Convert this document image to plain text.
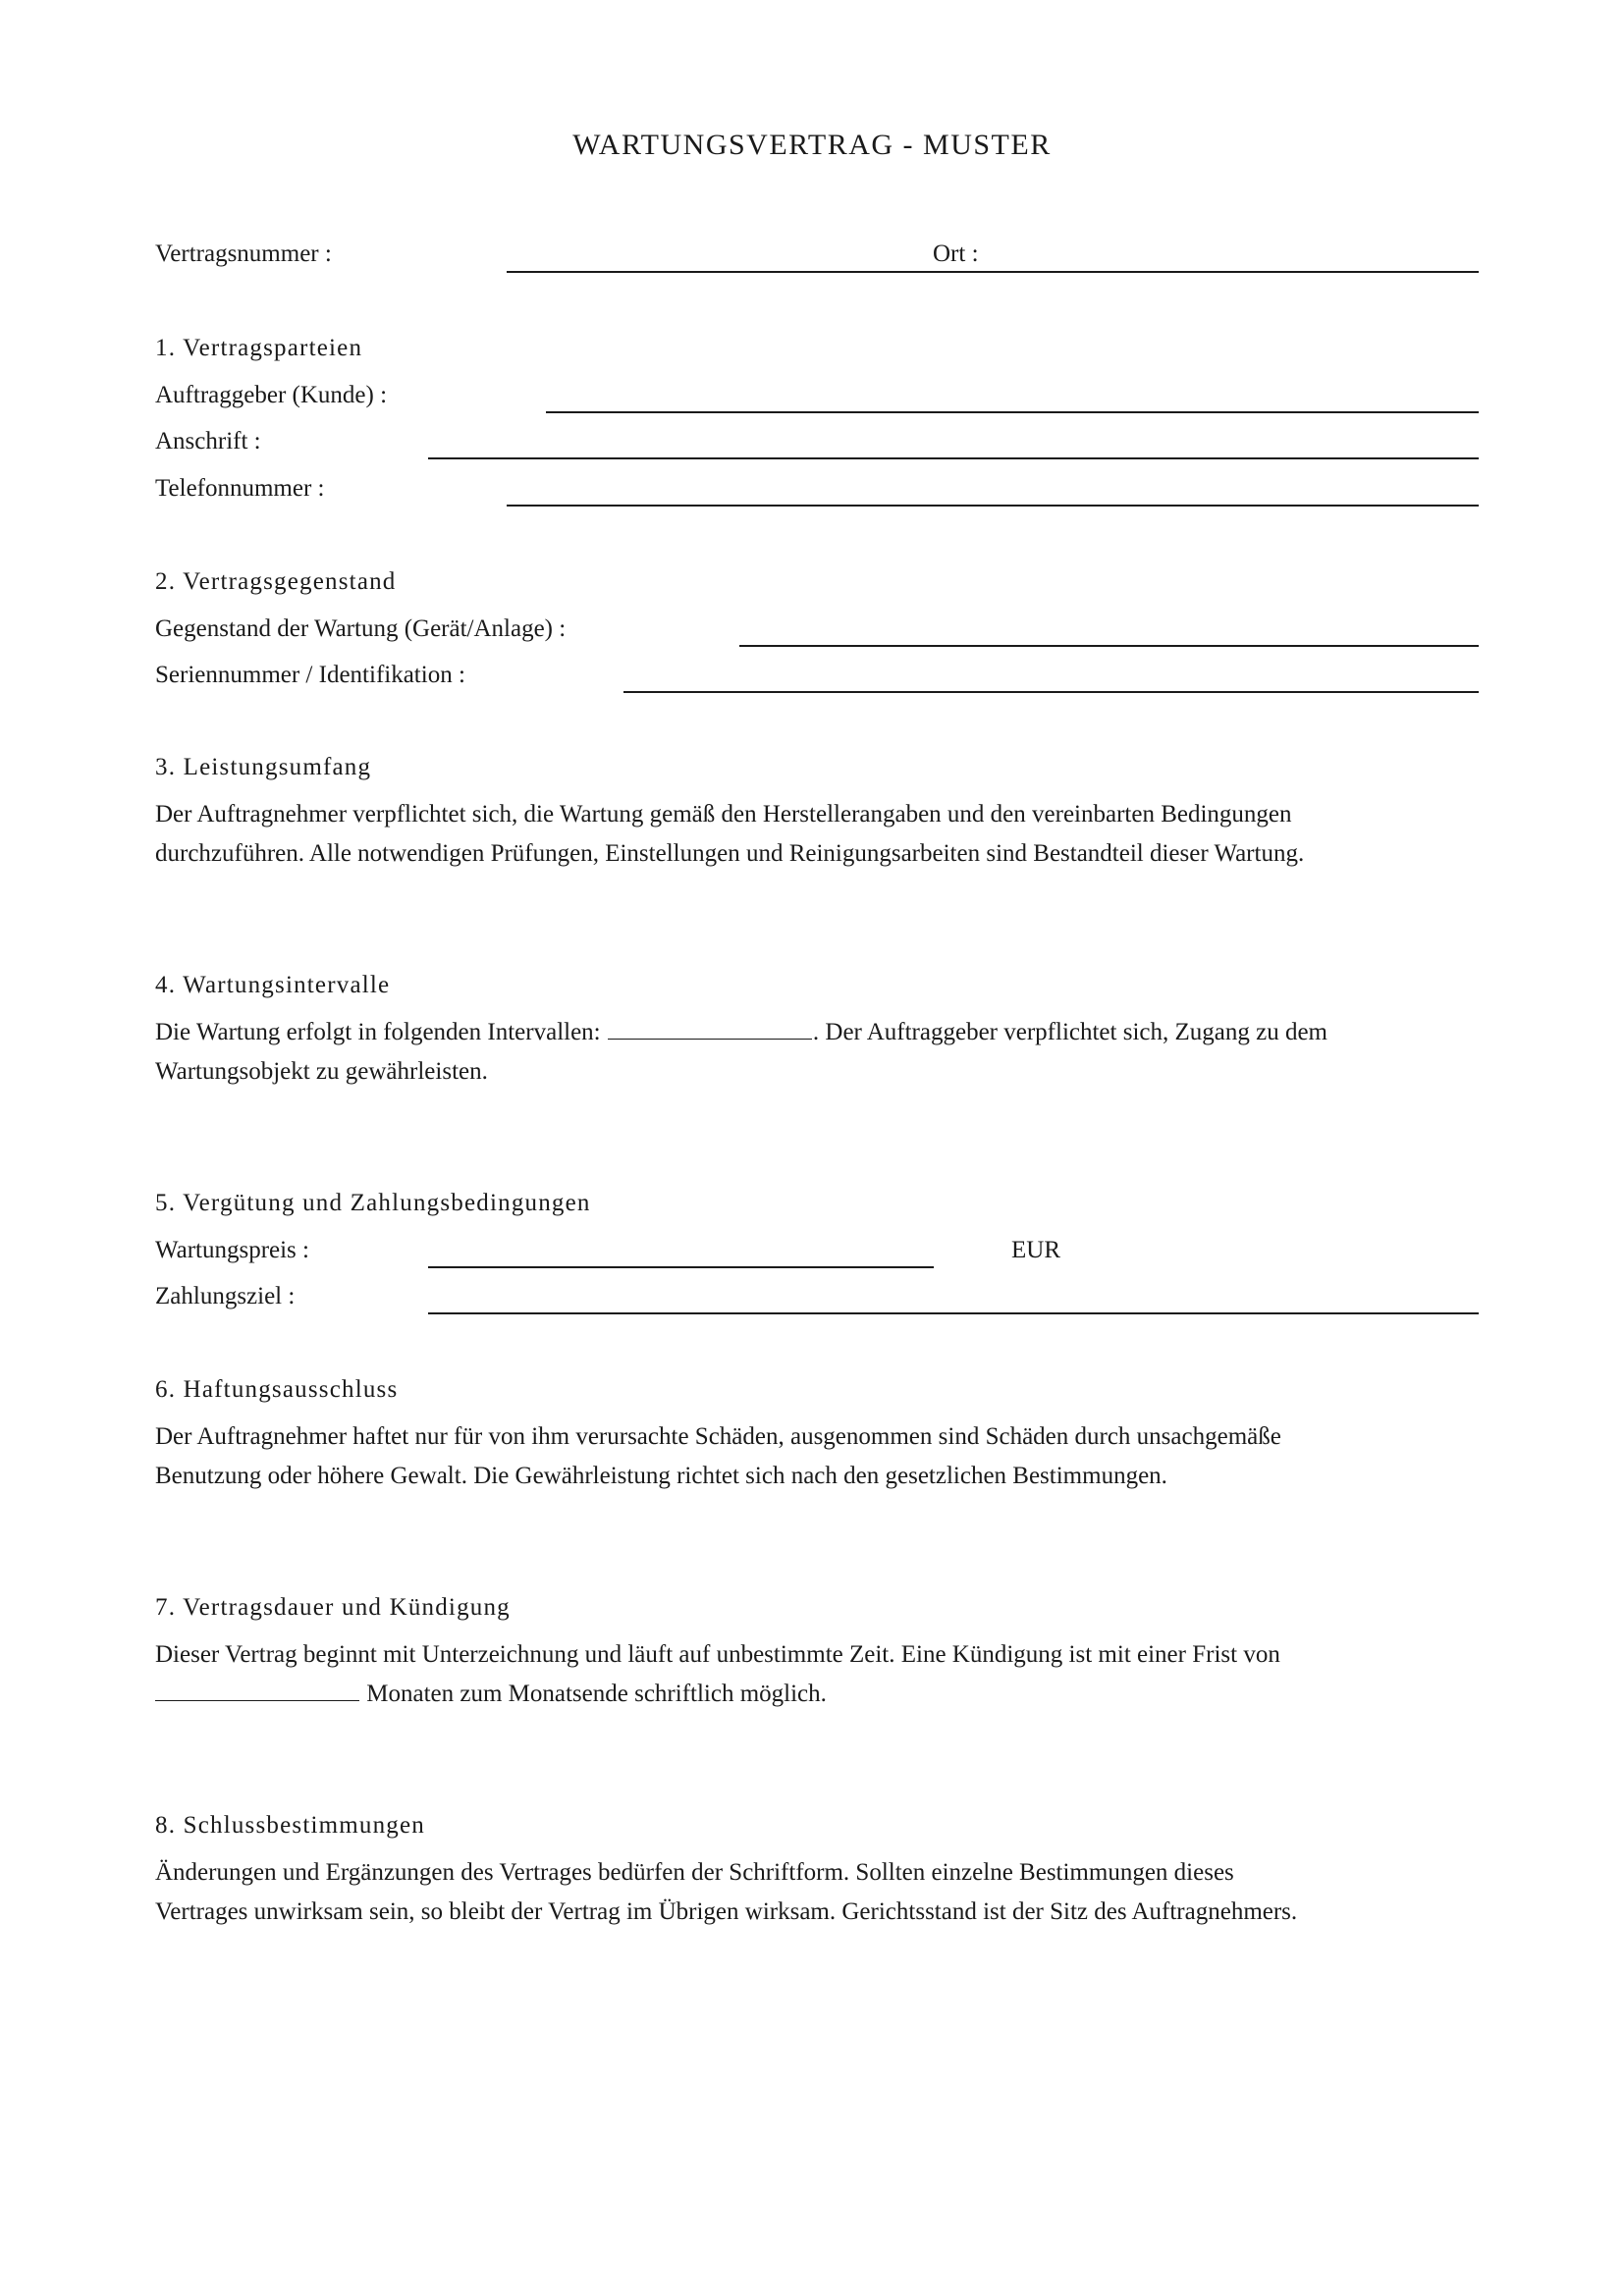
WARTUNGSVERTRAG - MUSTER
Vertragsnummer :	Ort :
1. Vertragsparteien
Auftraggeber (Kunde) :
Anschrift :
Telefonnummer :
2. Vertragsgegenstand
Gegenstand der Wartung (Gerät/Anlage) :
Seriennummer / Identifikation :
3. Leistungsumfang
Der Auftragnehmer verpflichtet sich, die Wartung gemäß den Herstellerangaben und den vereinbarten Bedingungen
durchzuführen. Alle notwendigen Prüfungen, Einstellungen und Reinigungsarbeiten sind Bestandteil dieser Wartung.
4. Wartungsintervalle
Die Wartung erfolgt in folgenden Intervallen:	. Der Auftraggeber verpflichtet sich, Zugang zu dem
Wartungsobjekt zu gewährleisten.
5. Vergütung und Zahlungsbedingungen
Wartungspreis :	EUR
Zahlungsziel :
6. Haftungsausschluss
Der Auftragnehmer haftet nur für von ihm verursachte Schäden, ausgenommen sind Schäden durch unsachgemäße
Benutzung oder höhere Gewalt. Die Gewährleistung richtet sich nach den gesetzlichen Bestimmungen.
7. Vertragsdauer und Kündigung
Dieser Vertrag beginnt mit Unterzeichnung und läuft auf unbestimmte Zeit. Eine Kündigung ist mit einer Frist von
Monaten zum Monatsende schriftlich möglich.
8. Schlussbestimmungen
Änderungen und Ergänzungen des Vertrages bedürfen der Schriftform. Sollten einzelne Bestimmungen dieses
Vertrages unwirksam sein, so bleibt der Vertrag im Übrigen wirksam. Gerichtsstand ist der Sitz des Auftragnehmers.
